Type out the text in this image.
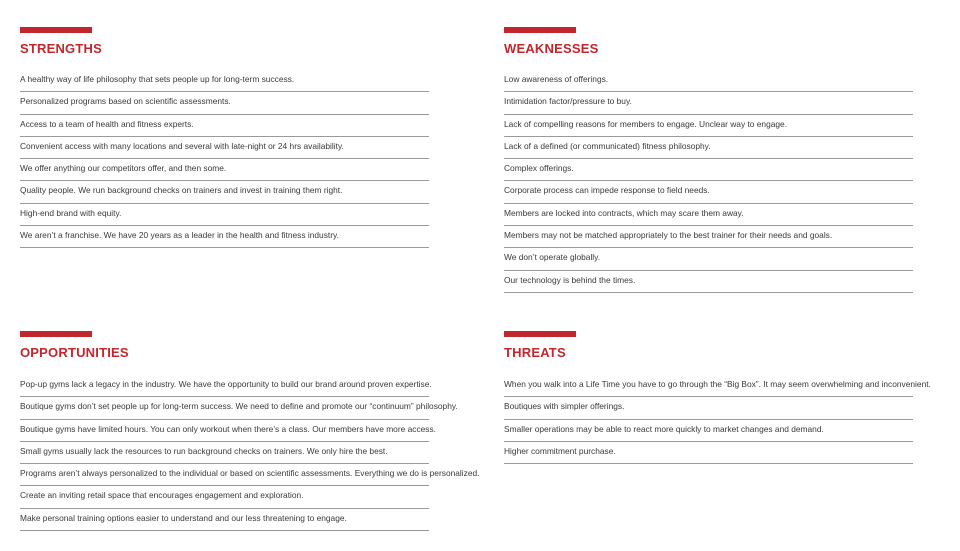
STRENGTHS
A healthy way of life philosophy that sets people up for long-term success.
Personalized programs based on scientific assessments.
Access to a team of health and fitness experts.
Convenient access with many locations and several with late-night or 24 hrs availability.
We offer anything our competitors offer, and then some.
Quality people. We run background checks on trainers and invest in training them right.
High-end brand with equity.
We aren’t a franchise. We have 20 years as a leader in the health and fitness industry.
WEAKNESSES
Low awareness of offerings.
Intimidation factor/pressure to buy.
Lack of compelling reasons for members to engage. Unclear way to engage.
Lack of a defined (or communicated) fitness philosophy.
Complex offerings.
Corporate process can impede response to field needs.
Members are locked into contracts, which may scare them away.
Members may not be matched appropriately to the best trainer for their needs and goals.
We don’t operate globally.
Our technology is behind the times.
OPPORTUNITIES
Pop-up gyms lack a legacy in the industry. We have the opportunity to build our brand around proven expertise.
Boutique gyms don’t set people up for long-term success. We need to define and promote our “continuum” philosophy.
Boutique gyms have limited hours. You can only workout when there’s a class. Our members have more access.
Small gyms usually lack the resources to run background checks on trainers. We only hire the best.
Programs aren’t always personalized to the individual or based on scientific assessments. Everything we do is personalized.
Create an inviting retail space that encourages engagement and exploration.
Make personal training options easier to understand and our less threatening to engage.
THREATS
When you walk into a Life Time you have to go through the “Big Box”. It may seem overwhelming and inconvenient.
Boutiques with simpler offerings.
Smaller operations may be able to react more quickly to market changes and demand.
Higher commitment purchase.
